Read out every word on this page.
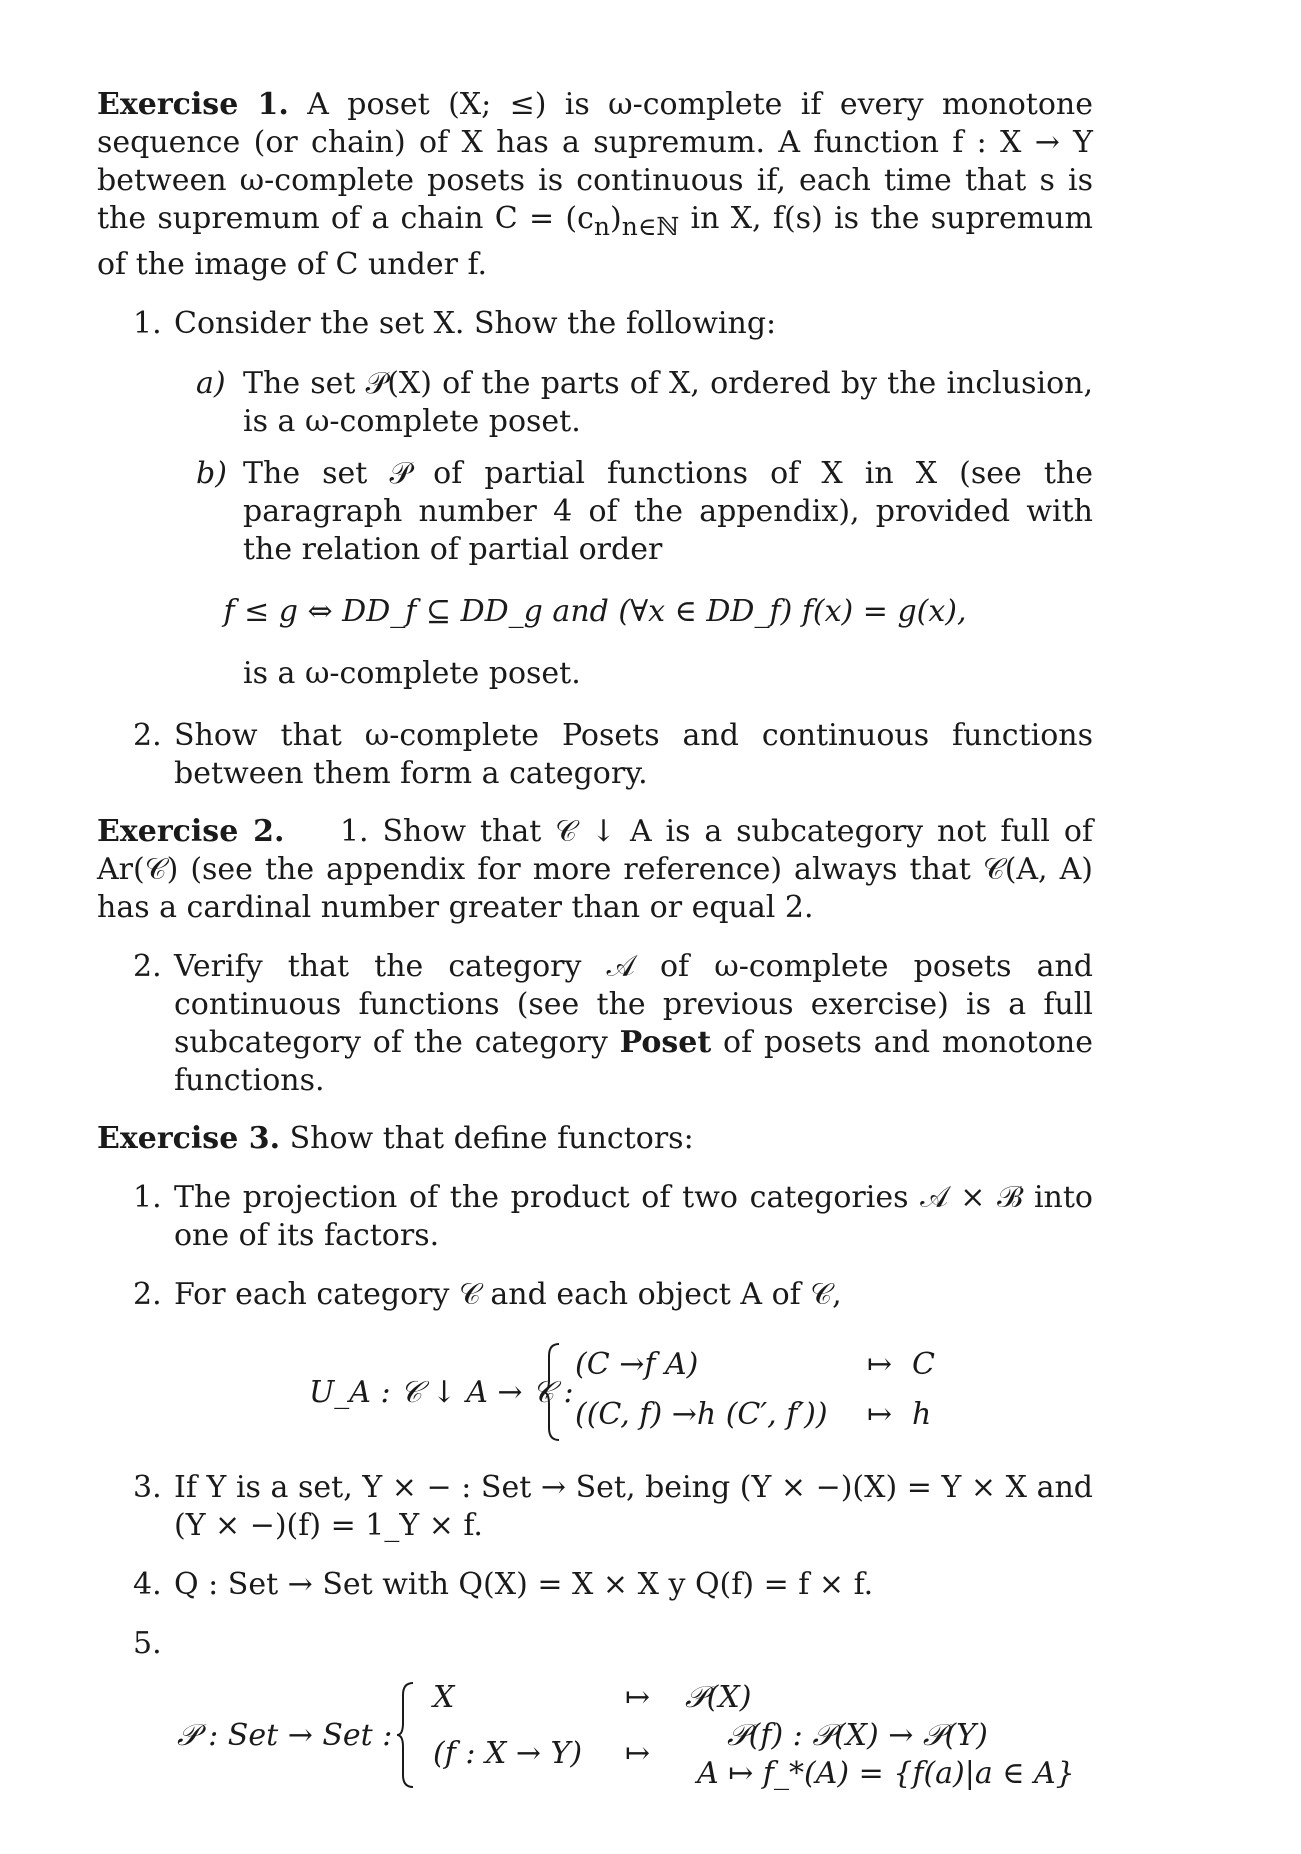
Exercise 1. A poset (X; ≤) is ω-complete if every monotone sequence (or chain) of X has a supremum. A function f : X → Y between ω-complete posets is continuous if, each time that s is the supremum of a chain $C = (c_n)_{n\in ℕ}$ in X, f(s) is the supremum of the image of C under f.

1. Consider the set X. Show the following:
a) The set 𝒫(X) of the parts of X, ordered by the inclusion, is a ω-complete poset.
b) The set 𝒫 of partial functions of X in X (see the paragraph number 4 of the appendix), provided with the relation of partial order
f ≤ g ⇔ DD_f ⊆ DD_g and (∀x ∈ DD_f) f(x) = g(x),
is a ω-complete poset.
2. Show that ω-complete Posets and continuous functions between them form a category.
Exercise 2. 1. Show that 𝒞 ↓ A is a subcategory not full of Ar(𝒞) (see the appendix for more reference) always that 𝒞(A, A) has a cardinal number greater than or equal 2.
2. Verify that the category 𝒜 of ω-complete posets and continuous functions (see the previous exercise) is a full subcategory of the category Poset of posets and monotone functions.
Exercise 3. Show that define functors:
1. The projection of the product of two categories 𝒜 × ℬ into one of its factors.
2. For each category 𝒞 and each object A of 𝒞,
U_A : 𝒞 ↓ A → 𝒞 :
(C →f A)	↦ C
((C, f) →h (C′, f′)) ↦ h
3. If Y is a set, Y × − : Set → Set, being (Y × −)(X) = Y × X and (Y × −)(f) = 1_Y × f.
4. Q : Set → Set with Q(X) = X × X y Q(f) = f × f.
5.

𝒫 : Set → Set :
X	↦ 𝒫(X)
(f : X → Y) ↦
𝒫(f) : 𝒫(X) → 𝒫(Y)
A ↦ f_*(A) = {f(a)|a ∈ A}
